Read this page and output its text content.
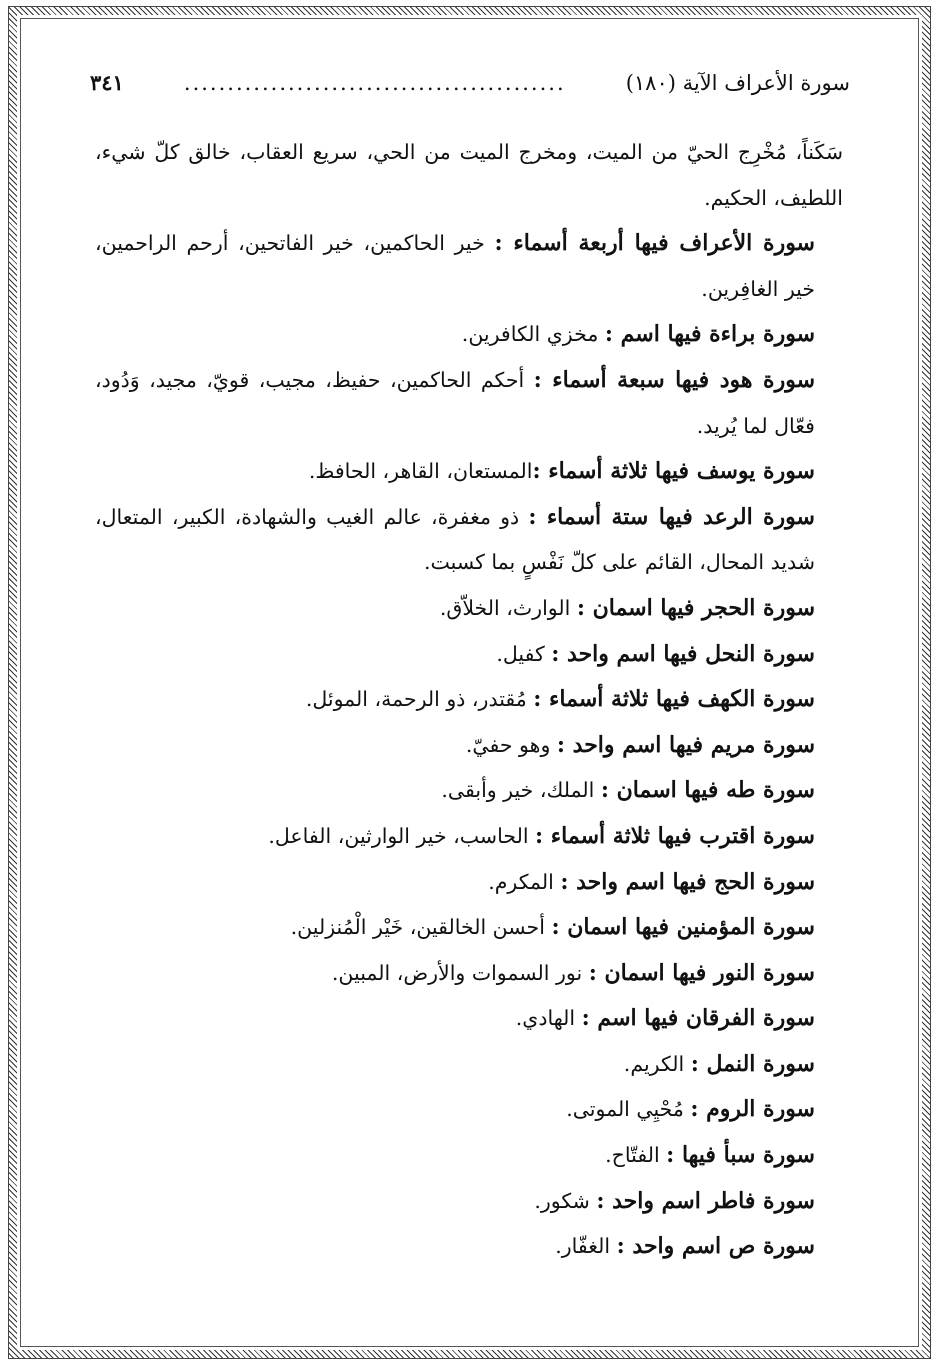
سورة الأعراف الآية (١٨٠)
............................................
٣٤١

سَكَناً، مُخْرِج الحيّ من الميت، ومخرج الميت من الحي، سريع العقاب، خالق كلّ شيء، اللطيف، الحكيم.

سورة الأعراف فيها أربعة أسماء : خير الحاكمين، خير الفاتحين، أرحم الراحمين، خير الغافِرين.

سورة براءة فيها اسم : مخزي الكافرين.

سورة هود فيها سبعة أسماء : أحكم الحاكمين، حفيظ، مجيب، قويّ، مجيد، وَدُود، فعّال لما يُريد.

سورة يوسف فيها ثلاثة أسماء :المستعان، القاهر، الحافظ.

سورة الرعد فيها ستة أسماء : ذو مغفرة، عالم الغيب والشهادة، الكبير، المتعال، شديد المحال، القائم على كلّ نَفْسٍ بما كسبت.

سورة الحجر فيها اسمان : الوارث، الخلاّق.

سورة النحل فيها اسم واحد : كفيل.

سورة الكهف فيها ثلاثة أسماء : مُقتدر، ذو الرحمة، الموئل.

سورة مريم فيها اسم واحد : وهو حفيّ.

سورة طه فيها اسمان : الملك، خير وأبقى.

سورة اقترب فيها ثلاثة أسماء : الحاسب، خير الوارثين، الفاعل.

سورة الحج فيها اسم واحد : المكرم.

سورة المؤمنين فيها اسمان : أحسن الخالقين، خَيْر الْمُنزلين.

سورة النور فيها اسمان : نور السموات والأرض، المبين.

سورة الفرقان فيها اسم : الهادي.

سورة النمل : الكريم.

سورة الروم : مُحْيِي الموتى.

سورة سبأ فيها : الفتّاح.

سورة فاطر اسم واحد : شكور.

سورة ص اسم واحد : الغفّار.
